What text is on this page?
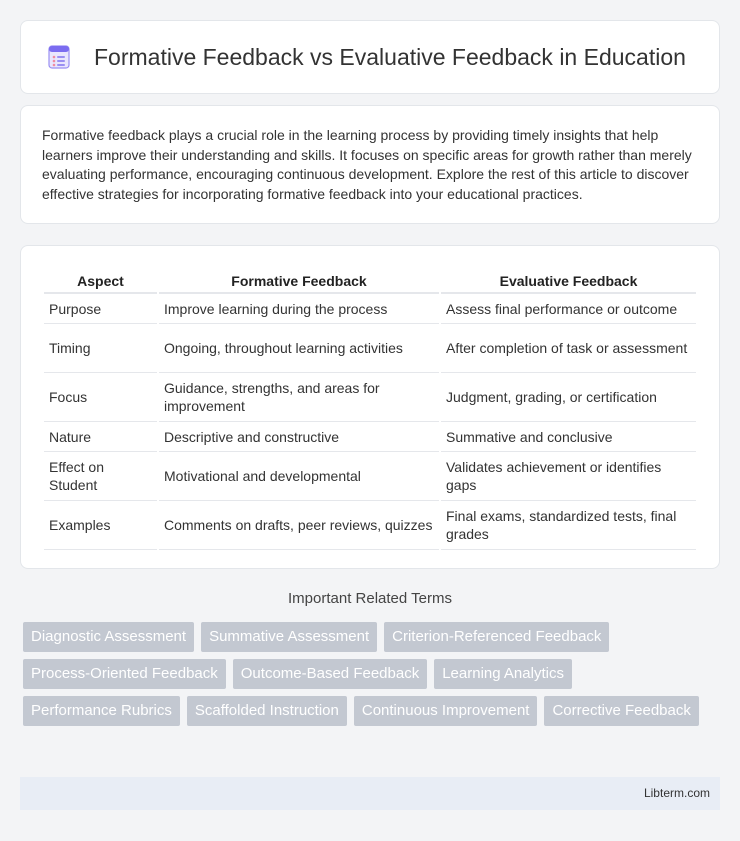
Formative Feedback vs Evaluative Feedback in Education

Formative feedback plays a crucial role in the learning process by providing timely insights that help learners improve their understanding and skills. It focuses on specific areas for growth rather than merely evaluating performance, encouraging continuous development. Explore the rest of this article to discover effective strategies for incorporating formative feedback into your educational practices.

Aspect	Formative Feedback	Evaluative Feedback
Purpose	Improve learning during the process	Assess final performance or outcome
Timing	Ongoing, throughout learning activities	After completion of task or assessment
Focus	Guidance, strengths, and areas for improvement	Judgment, grading, or certification
Nature	Descriptive and constructive	Summative and conclusive
Effect on Student	Motivational and developmental	Validates achievement or identifies gaps
Examples	Comments on drafts, peer reviews, quizzes	Final exams, standardized tests, final grades
Important Related Terms
Diagnostic Assessment	Summative Assessment	Criterion-Referenced Feedback
Process-Oriented Feedback	Outcome-Based Feedback	Learning Analytics
Performance Rubrics	Scaffolded Instruction	Continuous Improvement	Corrective Feedback
Libterm.com
